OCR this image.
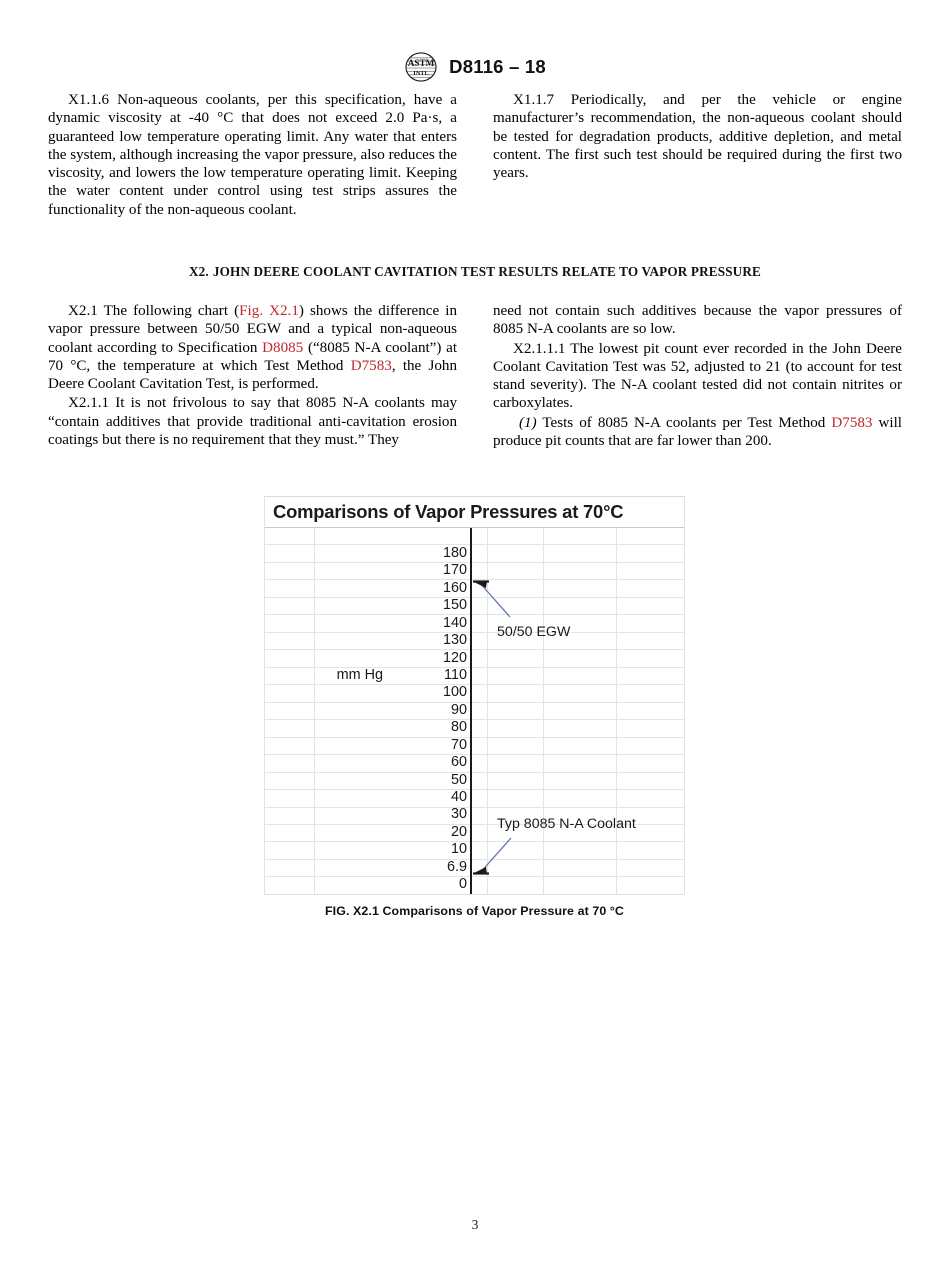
ASTM
INTL D8116 – 18

X1.1.6 Non-aqueous coolants, per this specification, have a dynamic viscosity at -40 °C that does not exceed 2.0 Pa·s, a guaranteed low temperature operating limit. Any water that enters the system, although increasing the vapor pressure, also reduces the viscosity, and lowers the low temperature operating limit. Keeping the water content under control using test strips assures the functionality of the non-aqueous coolant.

X1.1.7 Periodically, and per the vehicle or engine manufacturer’s recommendation, the non-aqueous coolant should be tested for degradation products, additive depletion, and metal content. The first such test should be required during the first two years.

X2. JOHN DEERE COOLANT CAVITATION TEST RESULTS RELATE TO VAPOR PRESSURE

X2.1 The following chart (Fig. X2.1) shows the difference in vapor pressure between 50/50 EGW and a typical non-aqueous coolant according to Specification D8085 (“8085 N-A coolant”) at 70 °C, the temperature at which Test Method D7583, the John Deere Coolant Cavitation Test, is performed.

X2.1.1 It is not frivolous to say that 8085 N-A coolants may “contain additives that provide traditional anti-cavitation erosion coatings but there is no requirement that they must.” They

need not contain such additives because the vapor pressures of 8085 N-A coolants are so low.

X2.1.1.1 The lowest pit count ever recorded in the John Deere Coolant Cavitation Test was 52, adjusted to 21 (to account for test stand severity). The N-A coolant tested did not contain nitrites or carboxylates.

(1) Tests of 8085 N-A coolants per Test Method D7583 will produce pit counts that are far lower than 200.

Comparisons of Vapor Pressures at 70°C
180
170
160
150
140
130
120
110
mm Hg
100
90
80
70
60
50
40
30
20
10
6.9
0
50/50 EGW
Typ 8085 N-A Coolant
FIG. X2.1 Comparisons of Vapor Pressure at 70 °C
3
